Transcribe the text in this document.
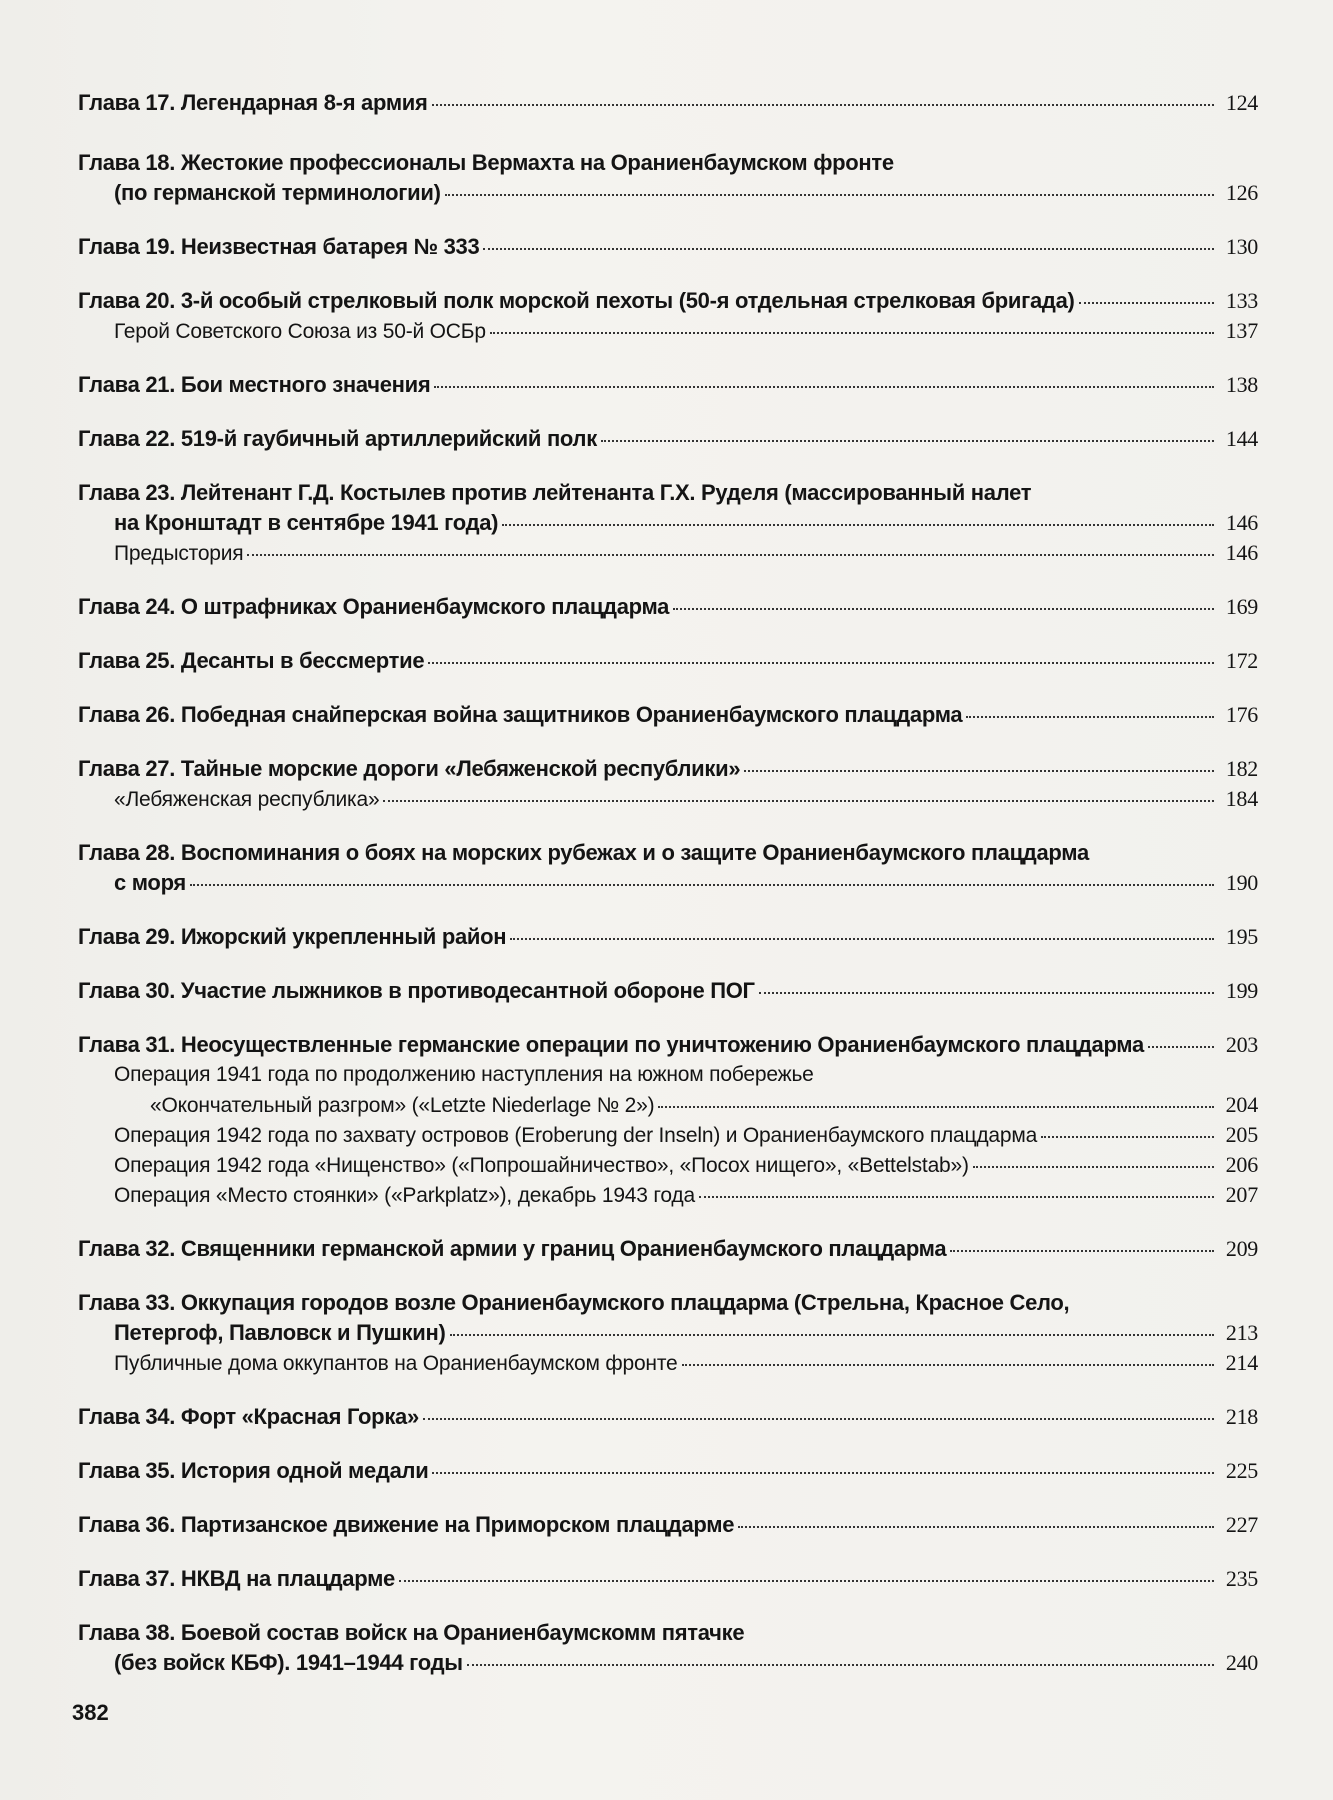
Глава 17. Легендарная 8-я армия	124
Глава 18. Жестокие профессионалы Вермахта на Ораниенбаумском фронте
(по германской терминологии)	126
Глава 19. Неизвестная батарея № 333	130
Глава 20. 3-й особый стрелковый полк морской пехоты (50-я отдельная стрелковая бригада)	133
Герой Советского Союза из 50-й ОСБр	137
Глава 21. Бои местного значения	138
Глава 22. 519-й гаубичный артиллерийский полк	144
Глава 23. Лейтенант Г.Д. Костылев против лейтенанта Г.Х. Руделя (массированный налет
на Кронштадт в сентябре 1941 года)	146
Предыстория	146
Глава 24. О штрафниках Ораниенбаумского плацдарма	169
Глава 25. Десанты в бессмертие	172
Глава 26. Победная снайперская война защитников Ораниенбаумского плацдарма	176
Глава 27. Тайные морские дороги «Лебяженской республики»	182
«Лебяженская республика»	184
Глава 28. Воспоминания о боях на морских рубежах и о защите Ораниенбаумского плацдарма
с моря	190
Глава 29. Ижорский укрепленный район	195
Глава 30. Участие лыжников в противодесантной обороне ПОГ	199
Глава 31. Неосуществленные германские операции по уничтожению Ораниенбаумского плацдарма	203
Операция 1941 года по продолжению наступления на южном побережье
«Окончательный разгром» («Letzte Niederlage № 2»)	204
Операция 1942 года по захвату островов (Eroberung der Inseln) и Ораниенбаумского плацдарма	205
Операция 1942 года «Нищенство» («Попрошайничество», «Посох нищего», «Bettelstab»)	206
Операция «Место стоянки» («Parkplatz»), декабрь 1943 года	207
Глава 32. Священники германской армии у границ Ораниенбаумского плацдарма	209
Глава 33. Оккупация городов возле Ораниенбаумского плацдарма (Стрельна, Красное Село,
Петергоф, Павловск и Пушкин)	213
Публичные дома оккупантов на Ораниенбаумском фронте	214
Глава 34. Форт «Красная Горка»	218
Глава 35. История одной медали	225
Глава 36. Партизанское движение на Приморском плацдарме	227
Глава 37. НКВД на плацдарме	235
Глава 38. Боевой состав войск на Ораниенбаумскомм пятачке
(без войск КБФ). 1941–1944 годы	240
382
